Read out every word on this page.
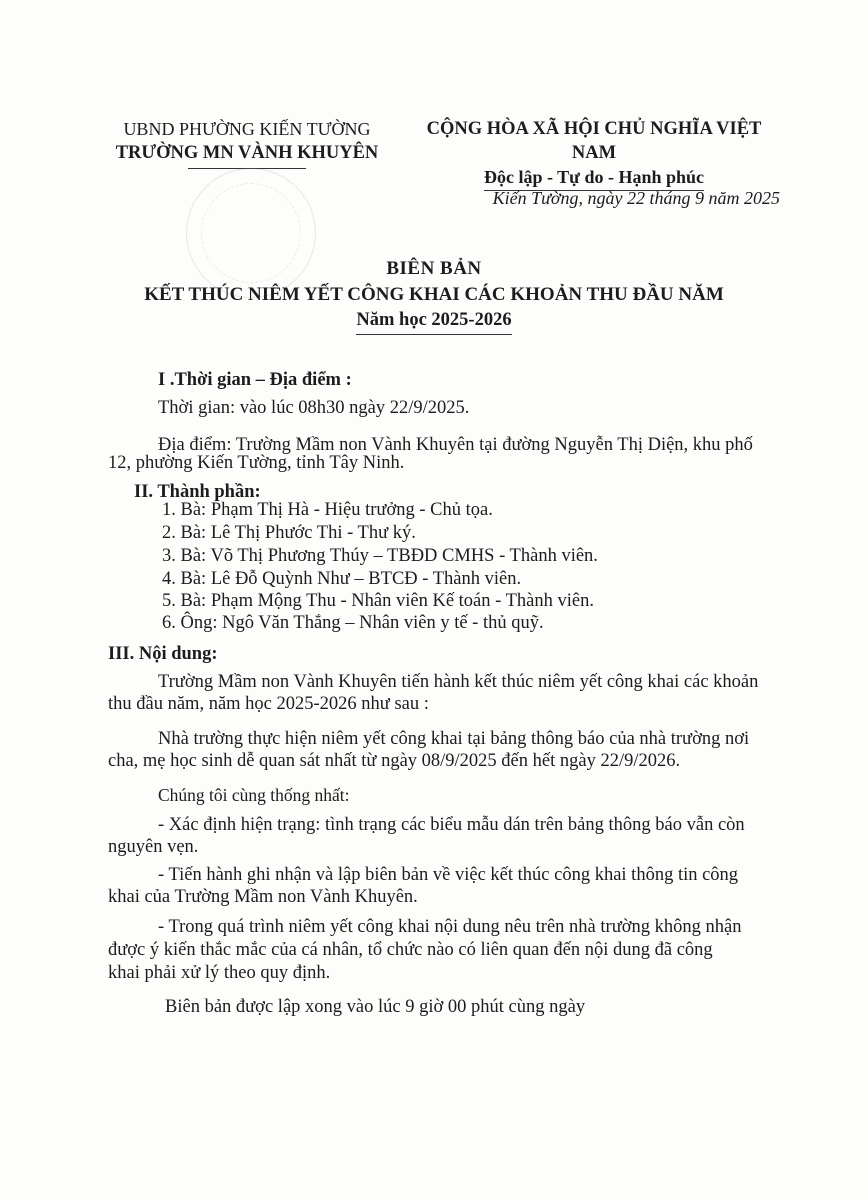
UBND PHƯỜNG KIẾN TƯỜNG
TRƯỜNG MN VÀNH KHUYÊN
CỘNG HÒA XÃ HỘI CHỦ NGHĨA VIỆT NAM
Độc lập - Tự do - Hạnh phúc
Kiến Tường, ngày 22 tháng 9 năm 2025
BIÊN BẢN
KẾT THÚC NIÊM YẾT CÔNG KHAI CÁC KHOẢN THU ĐẦU NĂM
Năm học 2025-2026
I .Thời gian – Địa điểm :
Thời gian: vào lúc 08h30 ngày 22/9/2025.
Địa điểm: Trường Mầm non Vành Khuyên tại đường Nguyễn Thị Diện, khu phố
12, phường Kiến Tường, tỉnh Tây Ninh.
II. Thành phần:
1. Bà: Phạm Thị Hà - Hiệu trưởng - Chủ tọa.
2. Bà: Lê Thị Phước Thi - Thư ký.
3. Bà: Võ Thị Phương Thúy – TBĐD CMHS - Thành viên.
4. Bà: Lê Đỗ Quỳnh Như – BTCĐ - Thành viên.
5. Bà: Phạm Mộng Thu - Nhân viên Kế toán - Thành viên.
6. Ông: Ngô Văn Thắng – Nhân viên y tế - thủ quỹ.
III. Nội dung:
Trường Mầm non Vành Khuyên tiến hành kết thúc niêm yết công khai các khoản
thu đầu năm, năm học 2025-2026 như sau :
Nhà trường thực hiện niêm yết công khai tại bảng thông báo của nhà trường nơi
cha, mẹ học sinh dễ quan sát nhất từ ngày 08/9/2025 đến hết ngày 22/9/2026.
Chúng tôi cùng thống nhất:
- Xác định hiện trạng: tình trạng các biểu mẫu dán trên bảng thông báo vẫn còn
nguyên vẹn.
- Tiến hành ghi nhận và lập biên bản về việc kết thúc công khai thông tin công
khai của Trường Mầm non Vành Khuyên.
- Trong quá trình niêm yết công khai nội dung nêu trên nhà trường không nhận
được ý kiến thắc mắc của cá nhân, tổ chức nào có liên quan đến nội dung đã công
khai phải xử lý theo quy định.
Biên bản được lập xong vào lúc 9 giờ 00 phút cùng ngày
